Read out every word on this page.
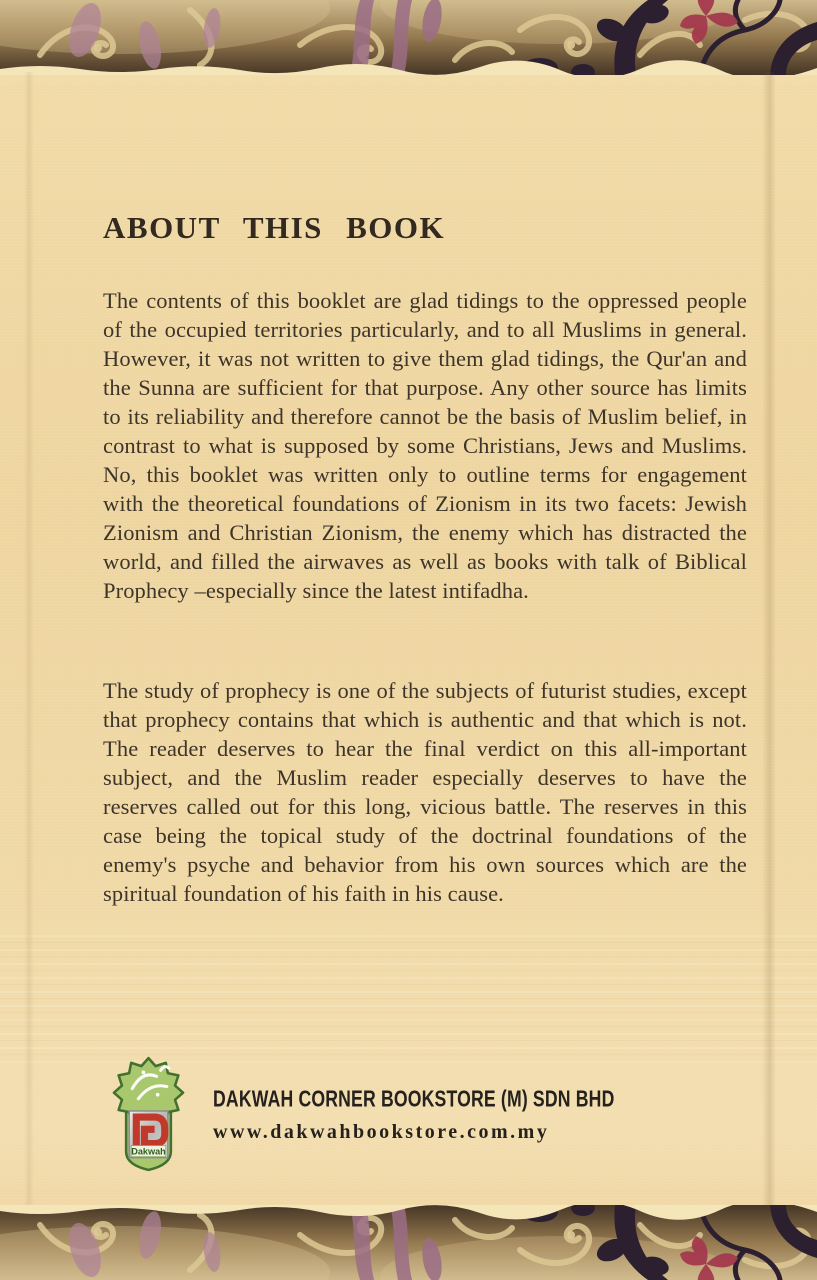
ABOUT THIS BOOK

The contents of this booklet are glad tidings to the oppressed people of the occupied territories particularly, and to all Muslims in general. However, it was not written to give them glad tidings, the Qur'an and the Sunna are sufficient for that purpose. Any other source has limits to its reliability and therefore cannot be the basis of Muslim belief, in contrast to what is supposed by some Christians, Jews and Muslims. No, this booklet was written only to outline terms for engagement with the theoretical foundations of Zionism in its two facets: Jewish Zionism and Christian Zionism, the enemy which has distracted the world, and filled the airwaves as well as books with talk of Biblical Prophecy –especially since the latest intifadha.

The study of prophecy is one of the subjects of futurist studies, except that prophecy contains that which is authentic and that which is not. The reader deserves to hear the final verdict on this all-important subject, and the Muslim reader especially deserves to have the reserves called out for this long, vicious battle. The reserves in this case being the topical study of the doctrinal foundations of the enemy's psyche and behavior from his own sources which are the spiritual foundation of his faith in his cause.

Dakwah
DAKWAH CORNER BOOKSTORE (M) SDN BHD
www.dakwahbookstore.com.my
